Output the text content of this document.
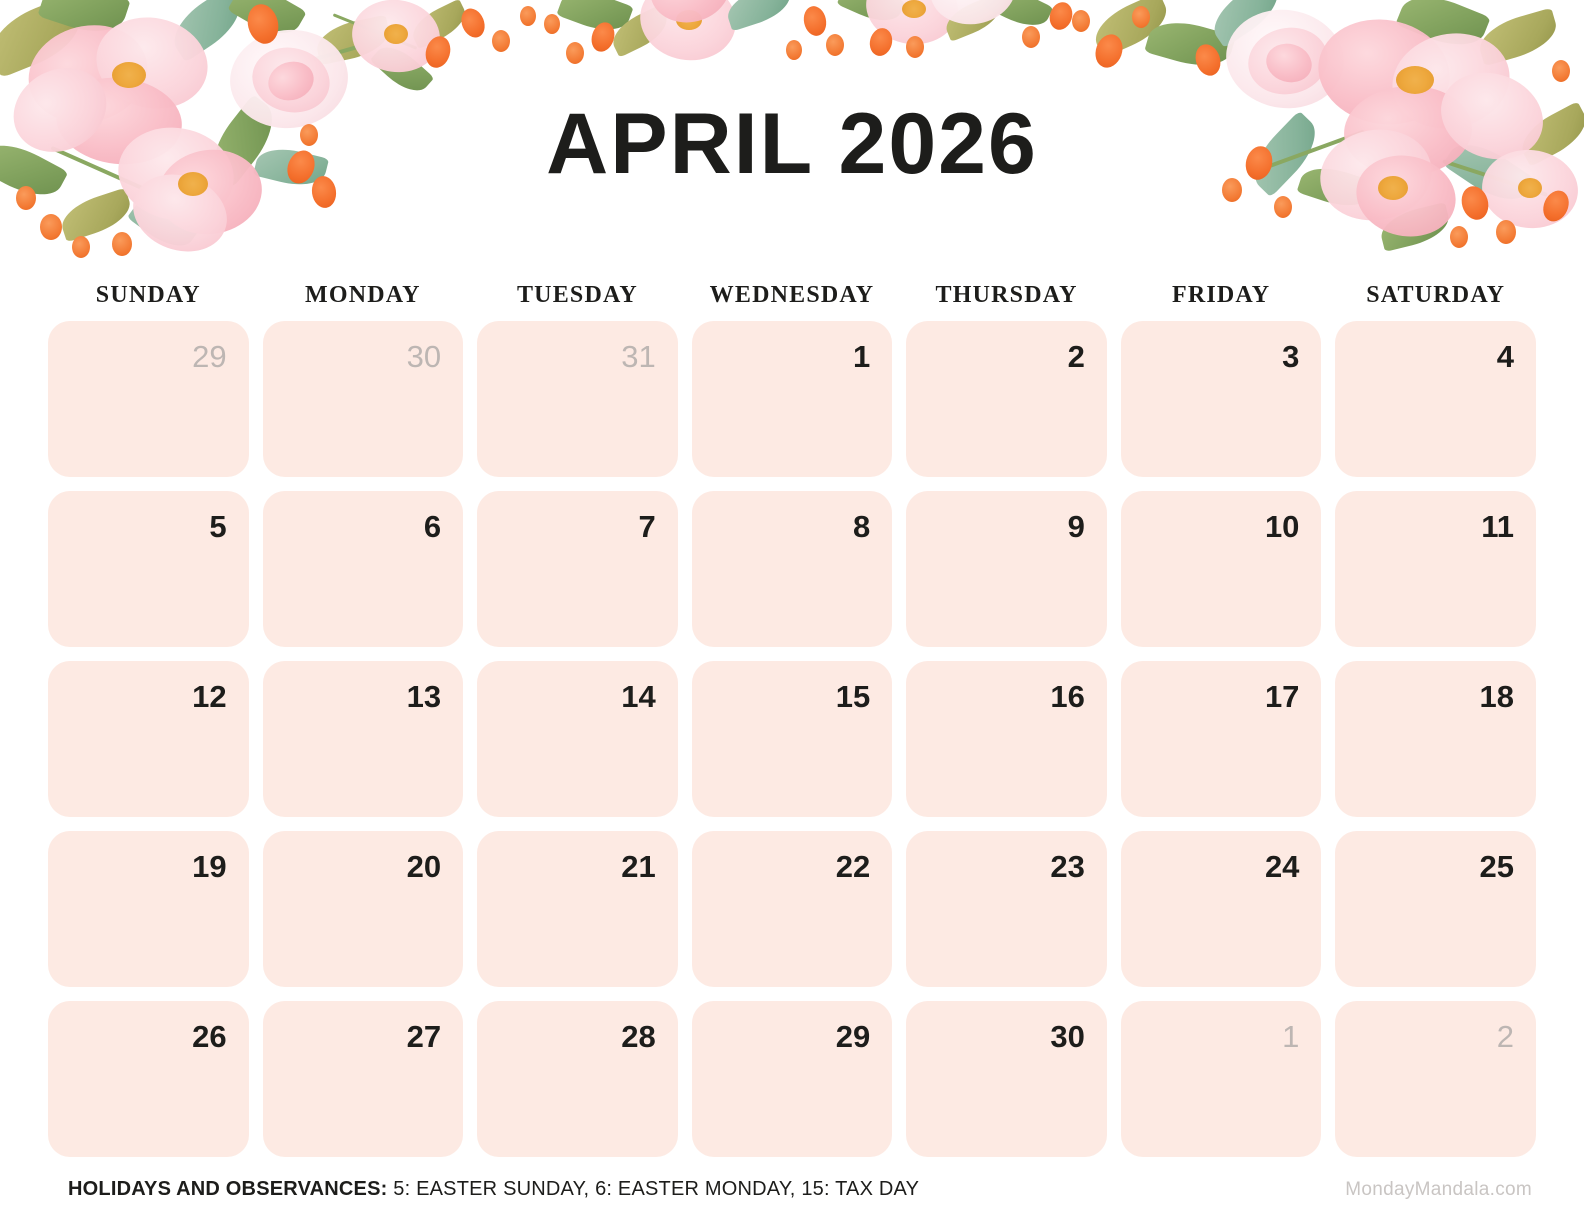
APRIL 2026
SUNDAY	MONDAY	TUESDAY	WEDNESDAY	THURSDAY	FRIDAY	SATURDAY
29	30	31	1	2	3	4
5	6	7	8	9	10	11
12	13	14	15	16	17	18
19	20	21	22	23	24	25
26	27	28	29	30	1	2
HOLIDAYS AND OBSERVANCES: 5: EASTER SUNDAY, 6: EASTER MONDAY, 15: TAX DAY	MondayMandala.com
